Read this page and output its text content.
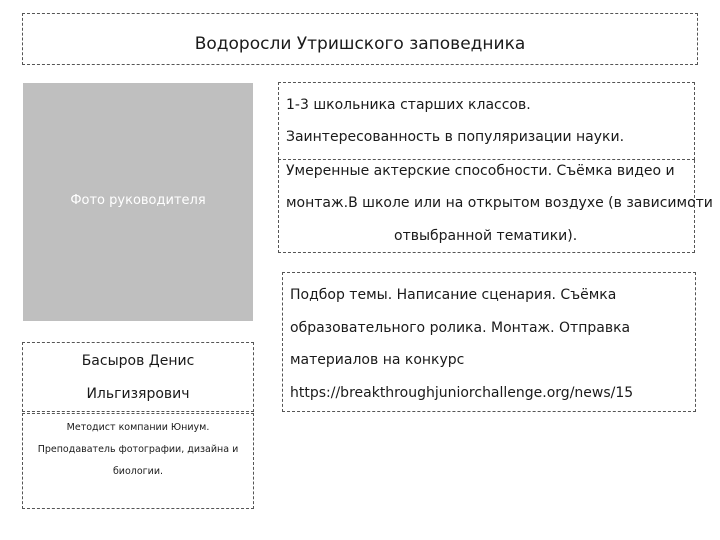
Водоросли Утришского заповедника
Фото руководителя
Басыров Денис
Ильгизярович
Методист компании Юниум.
Преподаватель фотографии, дизайна и
биологии.
1-3 школьника старших классов.
Заинтересованность в популяризации науки.
Умеренные актерские способности. Съёмка видео и
монтаж.В школе или на открытом воздухе (в зависимоти
отвыбранной тематики).
Подбор темы. Написание сценария. Съёмка
образовательного ролика. Монтаж. Отправка
материалов на конкурс
https://breakthroughjuniorchallenge.org/news/15
